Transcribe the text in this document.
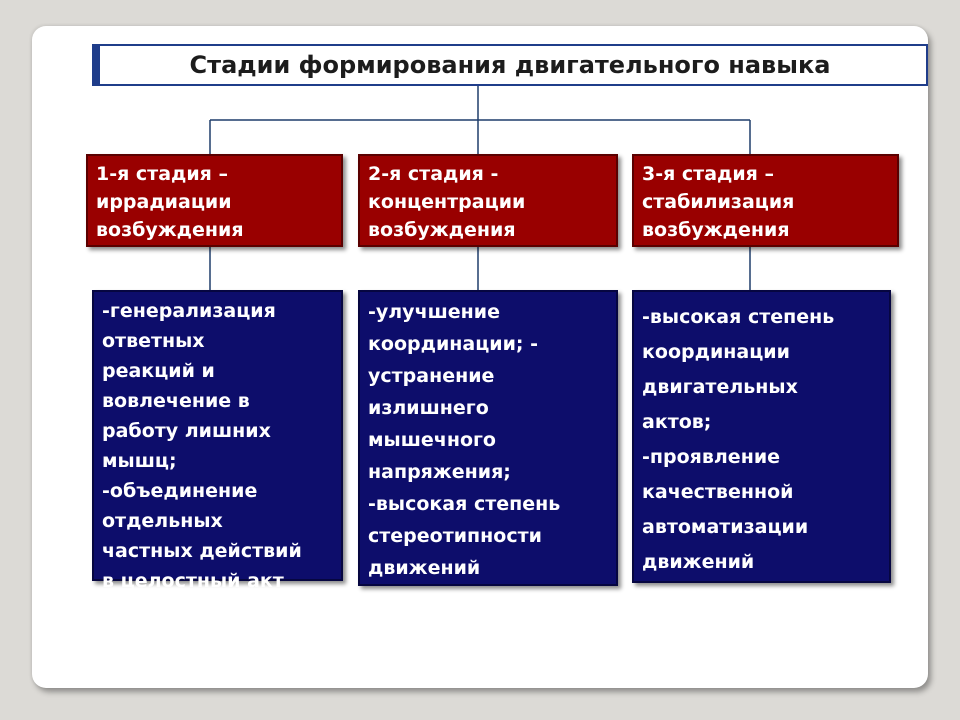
Стадии формирования двигательного навыка
1-я стадия –
иррадиации
возбуждения
2-я стадия -
концентрации
возбуждения
3-я стадия –
стабилизация
возбуждения
-генерализация
ответных
реакций и
вовлечение в
работу лишних
мышц;
-объединение
отдельных
частных действий
в целостный акт
-улучшение
координации; -
устранение
излишнего
мышечного
напряжения;
-высокая степень
стереотипности
движений
-высокая степень
координации
двигательных
актов;
-проявление
качественной
автоматизации
движений
